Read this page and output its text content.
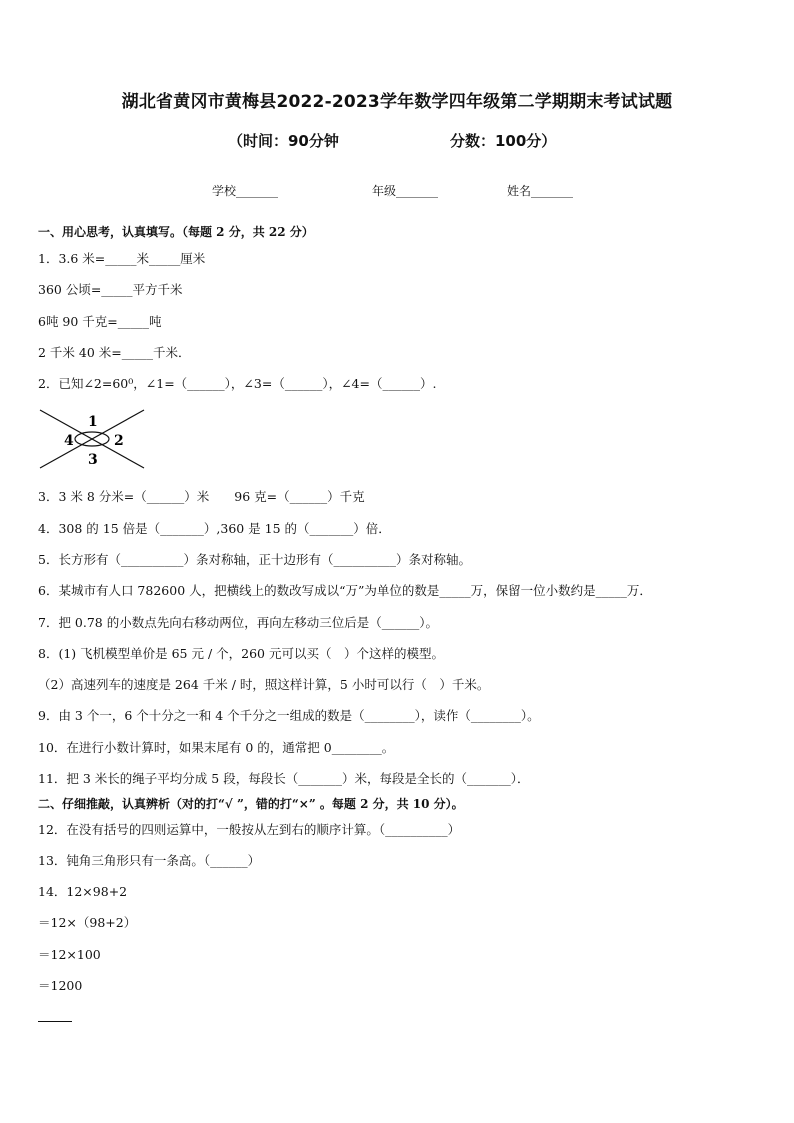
湖北省黄冈市黄梅县2022-2023学年数学四年级第二学期期末考试试题
（时间：90分钟	分数：100分）
学校_______	年级_______	姓名_______
一、用心思考，认真填写。（每题 2 分，共 22 分）
1．3.6 米=_____米_____厘米
360 公顷=_____平方千米
6吨 90 千克=_____吨
2 千米 40 米=_____千米．
2．已知∠2=60⁰，∠1=（______），∠3=（______），∠4=（______）.
1
2
3
4
3．3 米 8 分米=（______）米　　96 克=（______）千克
4．308 的 15 倍是（_______）,360 是 15 的（_______）倍．
5．长方形有（__________）条对称轴，正十边形有（__________）条对称轴。
6．某城市有人口 782600 人，把横线上的数改写成以“万”为单位的数是_____万，保留一位小数约是_____万．
7．把 0.78 的小数点先向右移动两位，再向左移动三位后是（______）。
8．(1) 飞机模型单价是 65 元 / 个，260 元可以买（　）个这样的模型。
（2）高速列车的速度是 264 千米 / 时，照这样计算，5 小时可以行（　）千米。
9．由 3 个一，6 个十分之一和 4 个千分之一组成的数是（________），读作（________）。
10．在进行小数计算时，如果末尾有 0 的，通常把 0________。
11．把 3 米长的绳子平均分成 5 段，每段长（_______）米，每段是全长的（_______）．
二、仔细推敲，认真辨析（对的打“√ ”，错的打“×” 。每题 2 分，共 10 分）。
12．在没有括号的四则运算中，一般按从左到右的顺序计算。（__________）
13．钝角三角形只有一条高。（______）
14．12×98+2
＝12×（98+2）
＝12×100
＝1200
